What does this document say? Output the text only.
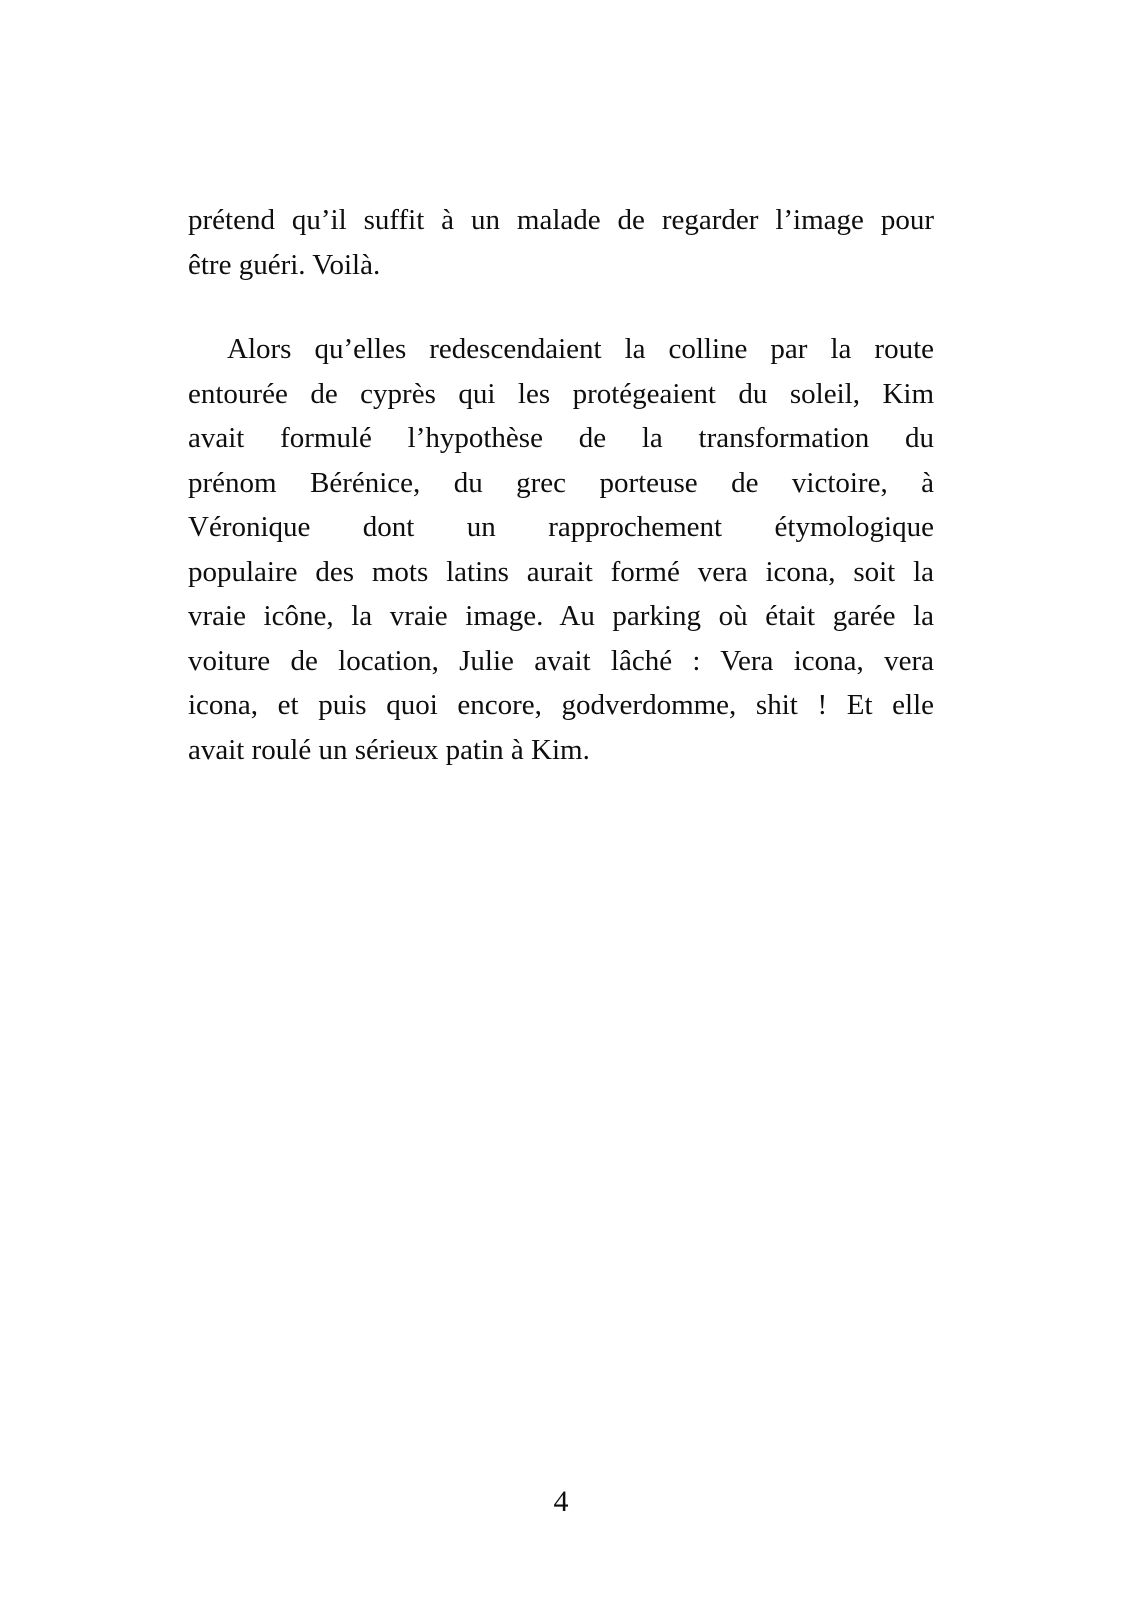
prétend qu’il suffit à un malade de regarder l’image pour
être guéri. Voilà.

Alors qu’elles redescendaient la colline par la route
entourée de cyprès qui les protégeaient du soleil, Kim
avait formulé l’hypothèse de la transformation du
prénom Bérénice, du grec porteuse de victoire, à
Véronique dont un rapprochement étymologique
populaire des mots latins aurait formé vera icona, soit la
vraie icône, la vraie image. Au parking où était garée la
voiture de location, Julie avait lâché : Vera icona, vera
icona, et puis quoi encore, godverdomme, shit ! Et elle
avait roulé un sérieux patin à Kim.

4
